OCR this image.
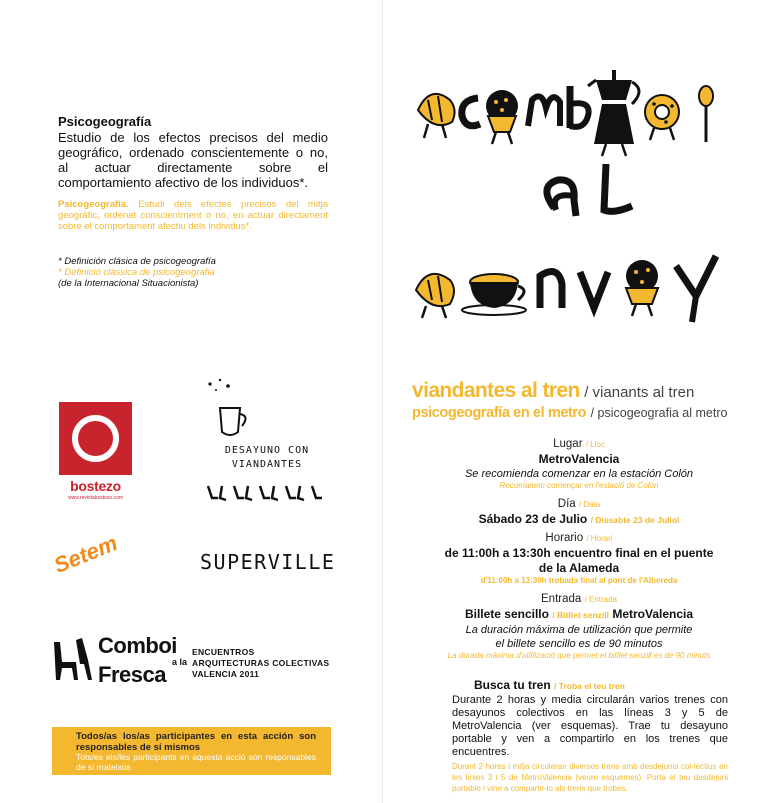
Psicogeografía
Estudio de los efectos precisos del medio geográfico, ordenado conscientemente o no, al actuar directamente sobre el comportamiento afectivo de los individuos*.
Psicogeografia. Estudi dels efectes precisos del mitja geogràfic, ordenat conscientment o no, en actuar directament sobre el comportament afectiu dels individus*.
* Definición clásica de psicogeografía
* Definició clàssica de psicogeografia
(de la Internacional Situacionista)
bostezo
www.revistabostezo.com
DESAYUNO CON VIANDANTES
Setem	SUPERVILLE
Comboi
Fresca a la
ENCUENTROS ARQUITECTURAS COLECTIVAS VALENCIA 2011
Todos/as los/as participantes en esta acción son responsables de sí mismos
Tots/es els/les participants en aquesta acció són responsables de sí mateixos
viandantes al tren / vianants al tren
psicogeografía en el metro / psicogeografia al metro
Lugar / Lloc
MetroValencia
Se recomienda comenzar en la estación Colón
Recomanem començar en l'estació de Colón
Día / Data
Sábado 23 de Julio / Dissabte 23 de Juliol
Horario / Horari
de 11:00h a 13:30h encuentro final en el puente de la Alameda
d'11:00h a 13:30h trobada final al pont de l'Albereda
Entrada / Entrada
Billete sencillo / Bitllet senzill MetroValencia
La duración máxima de utilización que permite el billete sencillo es de 90 minutos
La durada màxima d'utilització que permet el bitllet senzill es de 90 minuts
Busca tu tren / Troba el teu tren
Durante 2 horas y media circularán varios trenes con desayunos colectivos en las líneas 3 y 5 de MetroValencia (ver esquemas). Trae tu desayuno portable y ven a compartirlo en los trenes que encuentres.
Durant 2 hores i mitja circularan diversos trens amb desdejunis col·lectius en les línies 3 i 5 de MetroValencia (veure esquemes). Porta el teu desdejuni portable i vine a compartir-lo als trens que trobes.
